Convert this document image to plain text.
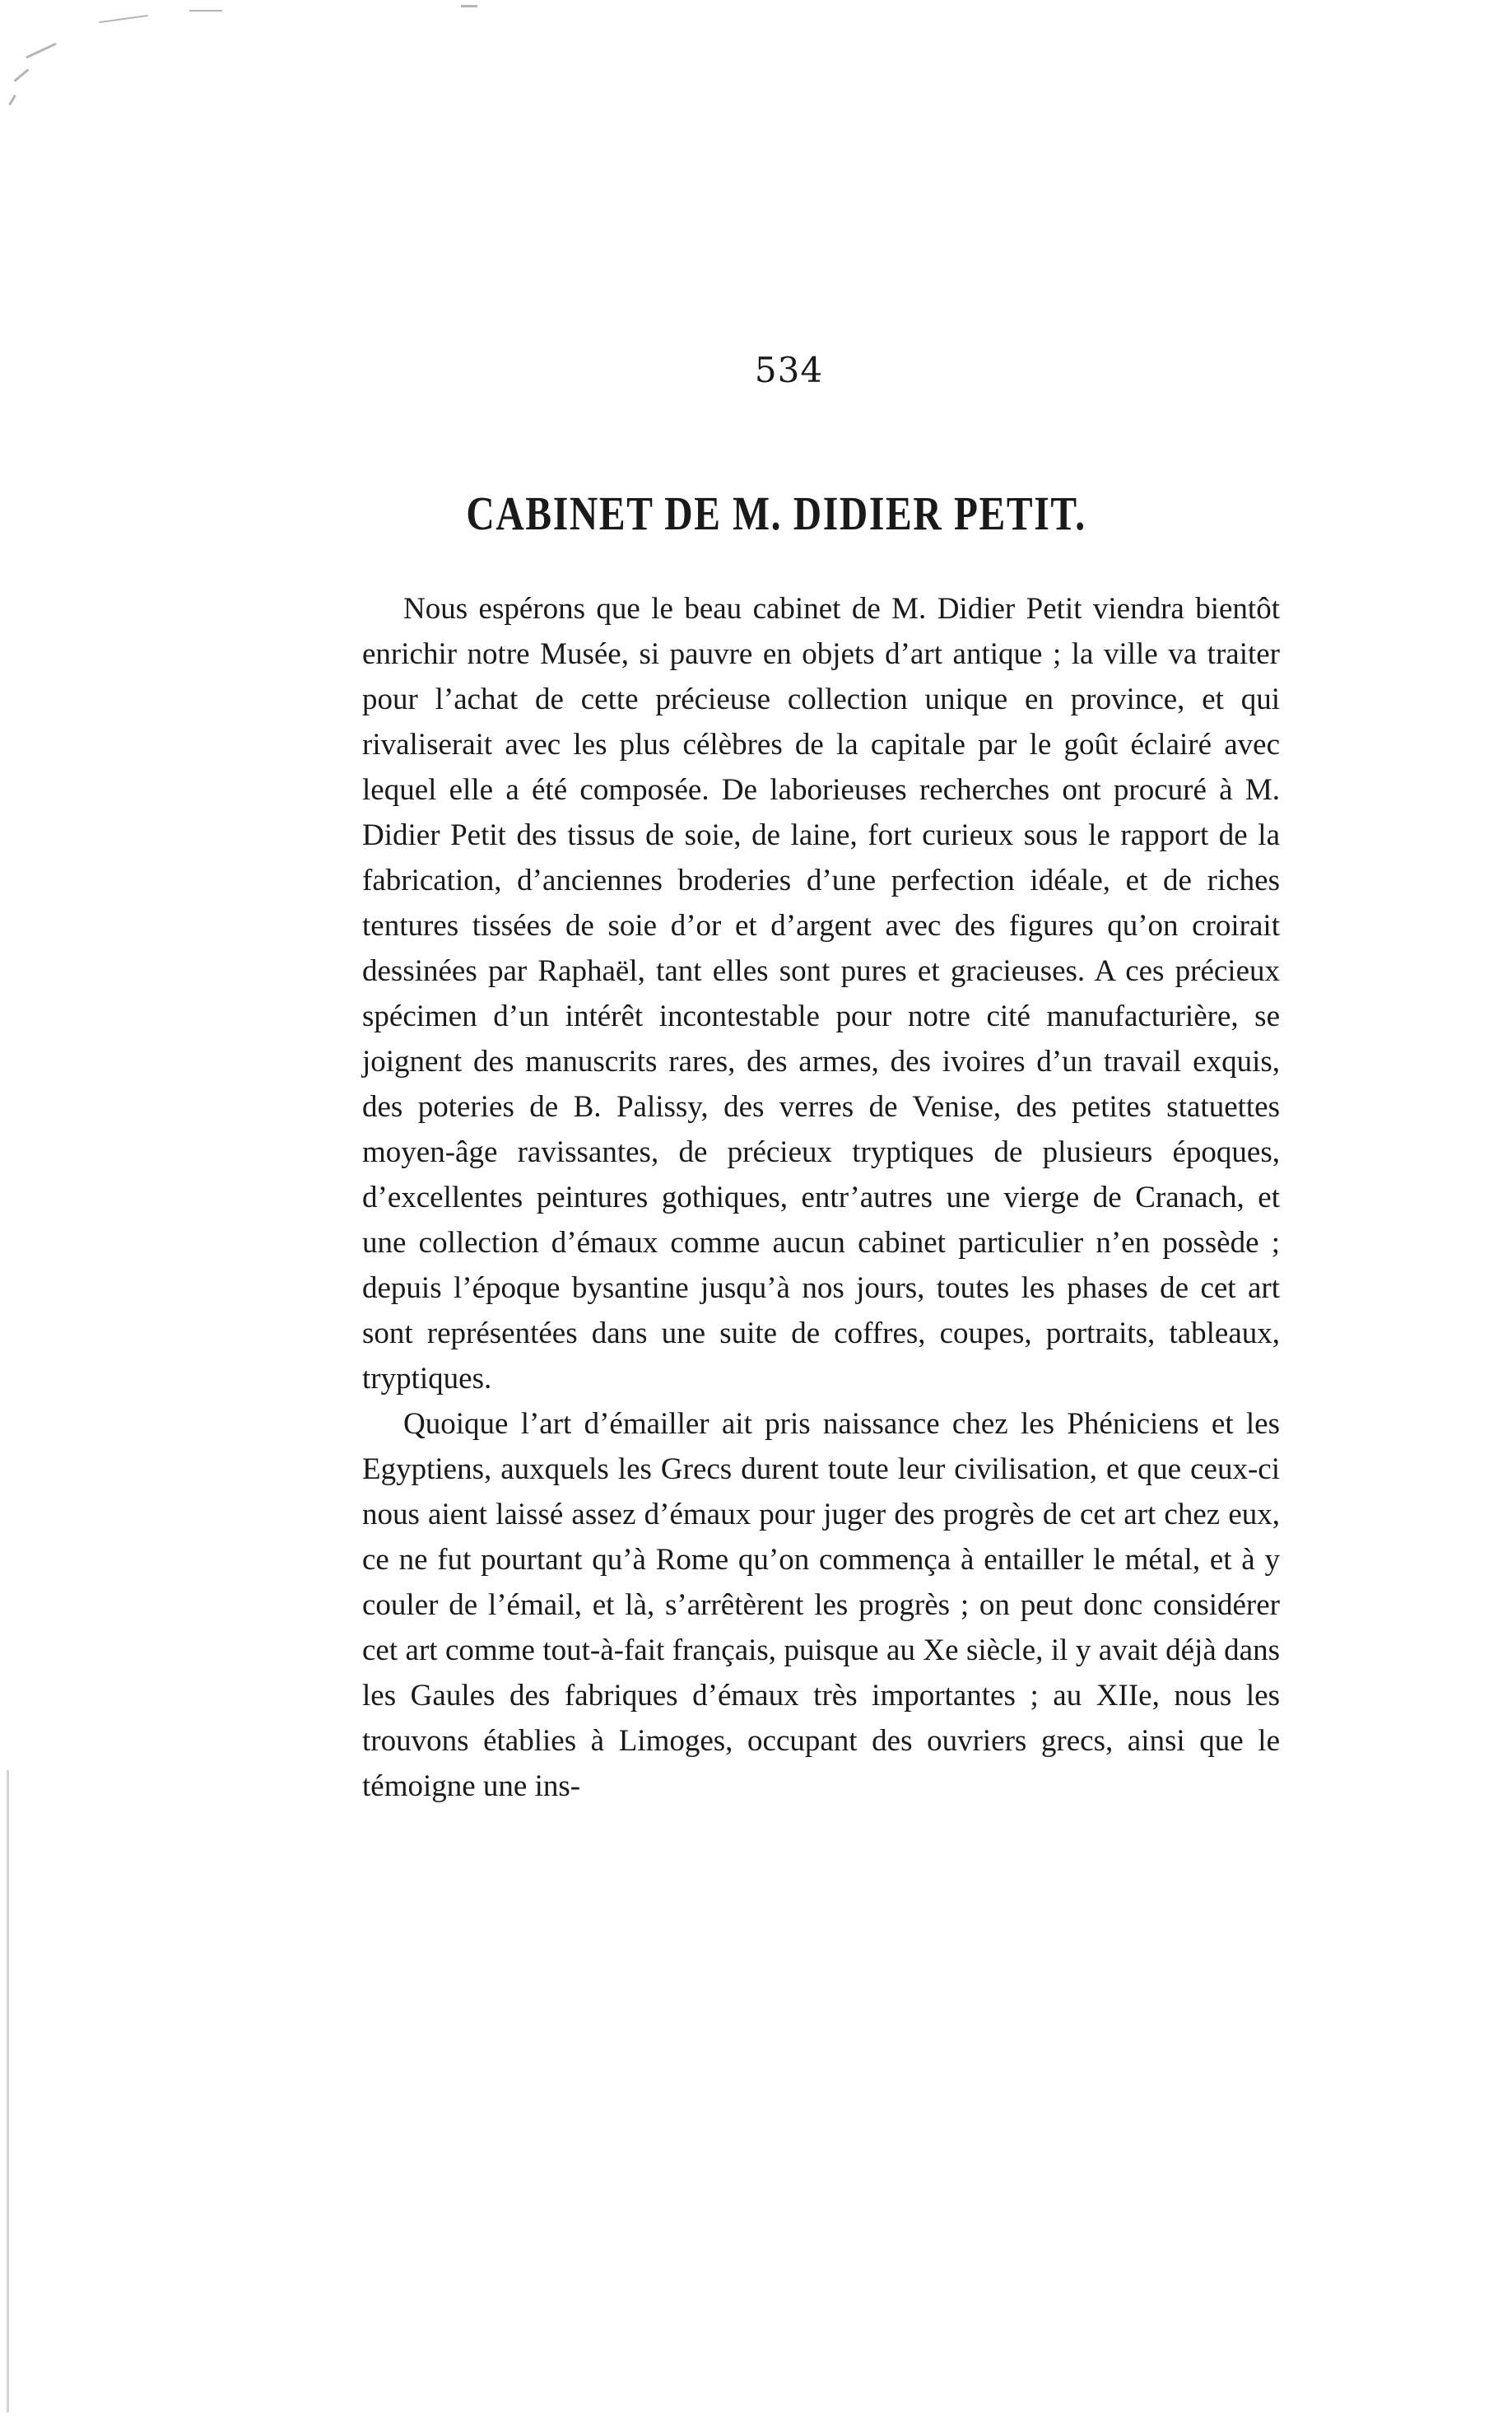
534
CABINET DE M. DIDIER PETIT.

Nous espérons que le beau cabinet de M. Didier Petit viendra bientôt enrichir notre Musée, si pauvre en objets d’art antique ; la ville va traiter pour l’achat de cette précieuse collection unique en province, et qui rivaliserait avec les plus célèbres de la capitale par le goût éclairé avec lequel elle a été composée. De laborieuses recherches ont procuré à M. Didier Petit des tissus de soie, de laine, fort curieux sous le rapport de la fabrication, d’anciennes broderies d’une perfection idéale, et de riches tentures tissées de soie d’or et d’argent avec des figures qu’on croirait dessinées par Raphaël, tant elles sont pures et gracieuses. A ces précieux spécimen d’un intérêt incontestable pour notre cité manufacturière, se joignent des manuscrits rares, des armes, des ivoires d’un travail exquis, des poteries de B. Palissy, des verres de Venise, des petites statuettes moyen-âge ravissantes, de précieux tryptiques de plusieurs époques, d’excellentes peintures gothiques, entr’autres une vierge de Cranach, et une collection d’émaux comme aucun cabinet particulier n’en possède ; depuis l’époque bysantine jusqu’à nos jours, toutes les phases de cet art sont représentées dans une suite de coffres, coupes, portraits, tableaux, tryptiques.

Quoique l’art d’émailler ait pris naissance chez les Phéniciens et les Egyptiens, auxquels les Grecs durent toute leur civilisation, et que ceux-ci nous aient laissé assez d’émaux pour juger des progrès de cet art chez eux, ce ne fut pourtant qu’à Rome qu’on commença à entailler le métal, et à y couler de l’émail, et là, s’arrêtèrent les progrès ; on peut donc considérer cet art comme tout-à-fait français, puisque au Xe siècle, il y avait déjà dans les Gaules des fabriques d’émaux très importantes ; au XIIe, nous les trouvons établies à Limoges, occupant des ouvriers grecs, ainsi que le témoigne une ins-
